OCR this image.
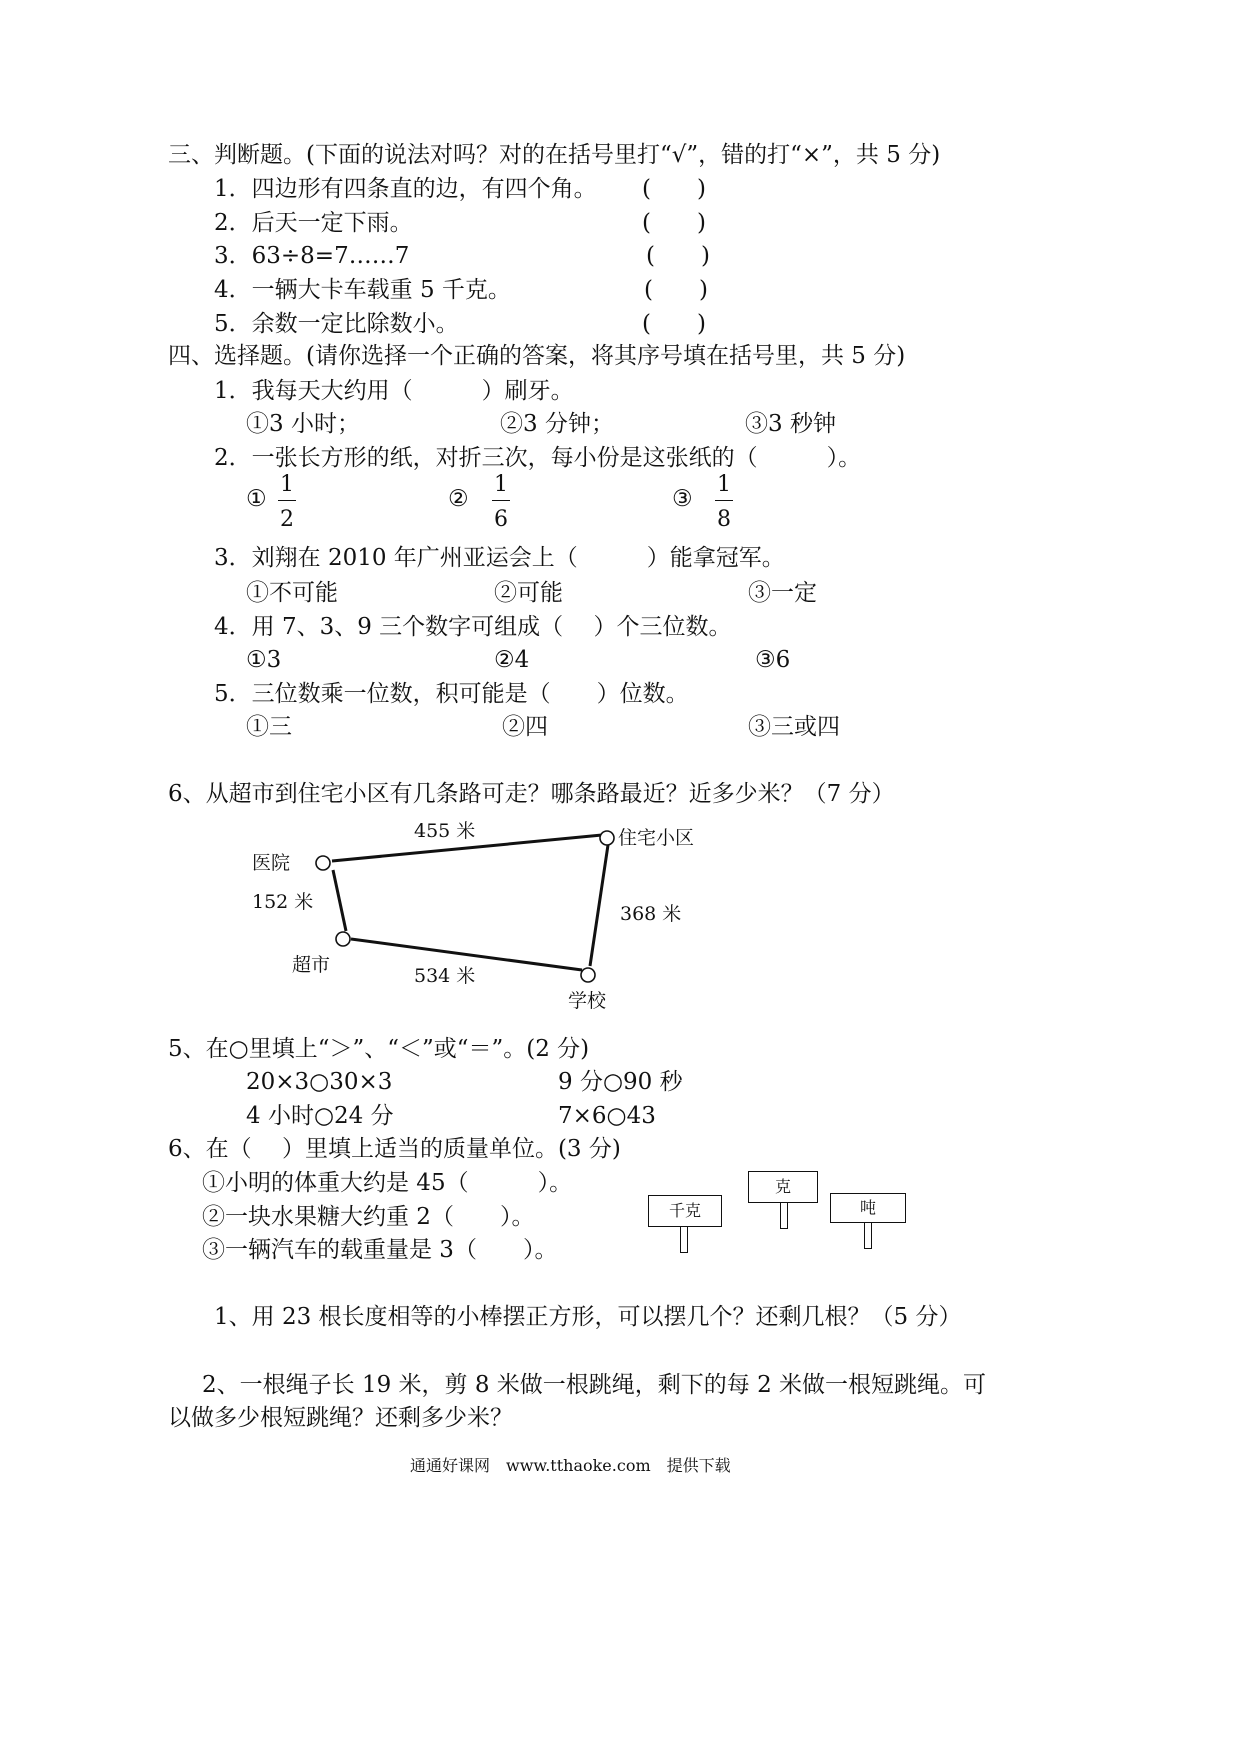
三、判断题。(下面的说法对吗？对的在括号里打“√”，错的打“×”，共 5 分)
1．四边形有四条直的边，有四个角。 (　　)
2．后天一定下雨。	(　　)
3．63÷8=7……7	(　　)
4．一辆大卡车载重 5 千克。	(　　)
5．余数一定比除数小。	(　　)
四、选择题。(请你选择一个正确的答案，将其序号填在括号里，共 5 分)
1．我每天大约用（　　　）刷牙。
①3 小时；	②3 分钟；	③3 秒钟
2．一张长方形的纸，对折三次，每小份是这张纸的（　　　）。
①
1
2
②
1
6
③
1
8
3．刘翔在 2010 年广州亚运会上（　　　）能拿冠军。
①不可能	②可能	③一定
4．用 7、3、9 三个数字可组成（　 ）个三位数。
①3	②4	③6
5．三位数乘一位数，积可能是（　　）位数。
①三	②四	③三或四
6、从超市到住宅小区有几条路可走？哪条路最近？近多少米？（7 分）
医院
住宅小区
超市
学校
455 米
152 米
368 米
534 米
5、在○里填上“＞”、“＜”或“＝”。(2 分)
20×3○30×3	9 分○90 秒
4 小时○24 分	7×6○43
6、在（　 ）里填上适当的质量单位。(3 分)
①小明的体重大约是 45（　　　）。
②一块水果糖大约重 2（　　）。
③一辆汽车的载重量是 3（　　）。
千克
克
吨
1、用 23 根长度相等的小棒摆正方形，可以摆几个？还剩几根？（5 分）
2、一根绳子长 19 米，剪 8 米做一根跳绳，剩下的每 2 米做一根短跳绳。可
以做多少根短跳绳？还剩多少米？
通通好课网　www.tthaoke.com　提供下载
